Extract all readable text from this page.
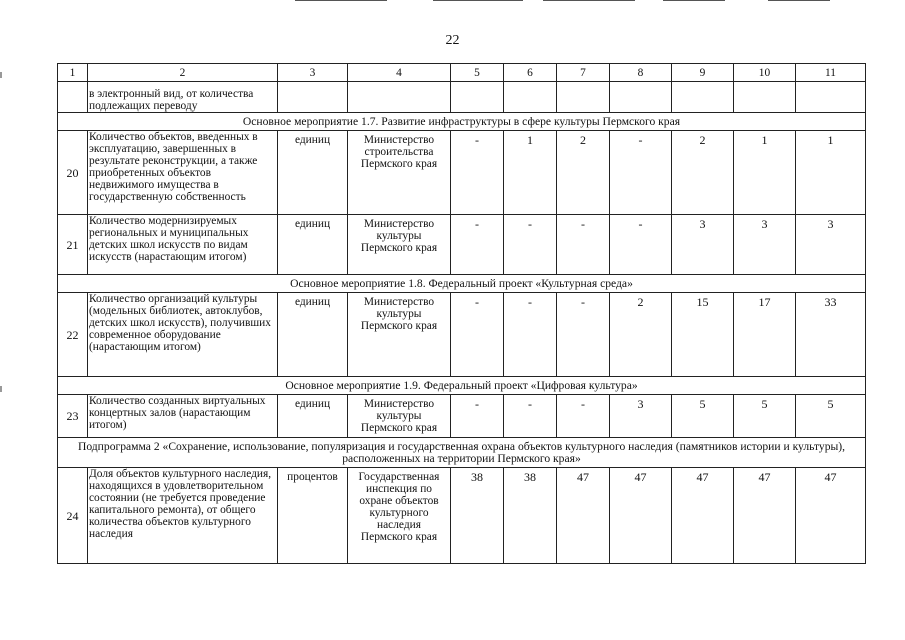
22
1	2	3	4	5	6	7	8	9	10	11
	в электронный вид, от количества подлежащих переводу									
Основное мероприятие 1.7. Развитие инфраструктуры в сфере культуры Пермского края										
20	Количество объектов, введенных в эксплуатацию, завершенных в результате реконструкции, а также приобретенных объектов недвижимого имущества в государственную собственность	единиц	Министерство строительства Пермского края	-	1	2	-	2	1	1
21	Количество модернизируемых региональных и муниципальных детских школ искусств по видам искусств (нарастающим итогом)	единиц	Министерство культуры Пермского края	-	-	-	-	3	3	3
Основное мероприятие 1.8. Федеральный проект «Культурная среда»										
22	Количество организаций культуры (модельных библиотек, автоклубов, детских школ искусств), получивших современное оборудование (нарастающим итогом)	единиц	Министерство культуры Пермского края	-	-	-	2	15	17	33
Основное мероприятие 1.9. Федеральный проект «Цифровая культура»										
23	Количество созданных виртуальных концертных залов (нарастающим итогом)	единиц	Министерство культуры Пермского края	-	-	-	3	5	5	5
Подпрограмма 2 «Сохранение, использование, популяризация и государственная охрана объектов культурного наследия (памятников истории и культуры), расположенных на территории Пермского края»										
24	Доля объектов культурного наследия, находящихся в удовлетворительном состоянии (не требуется проведение капитального ремонта), от общего количества объектов культурного наследия	процентов	Государственная инспекция по охране объектов культурного наследия Пермского края	38	38	47	47	47	47	47
